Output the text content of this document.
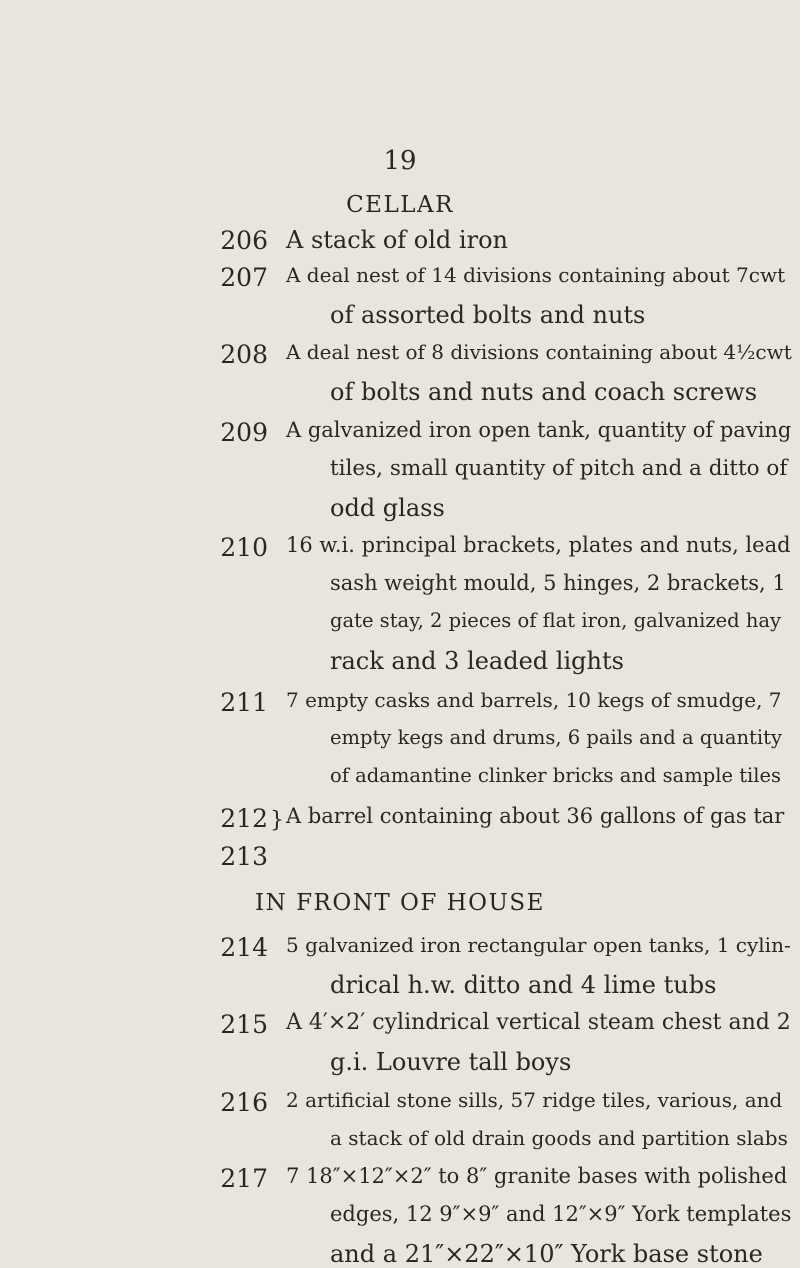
19
CELLAR
206 A stack of old iron
207 A deal nest of 14 divisions containing about 7cwt
of assorted bolts and nuts
208 A deal nest of 8 divisions containing about 4½cwt
of bolts and nuts and coach screws
209 A galvanized iron open tank, quantity of paving
tiles, small quantity of pitch and a ditto of
odd glass
210 16 w.i. principal brackets, plates and nuts, lead
sash weight mould, 5 hinges, 2 brackets, 1
gate stay, 2 pieces of flat iron, galvanized hay
rack and 3 leaded lights
211 7 empty casks and barrels, 10 kegs of smudge, 7
empty kegs and drums, 6 pails and a quantity
of adamantine clinker bricks and sample tiles
212 A barrel containing about 36 gallons of gas tar
}
213
IN FRONT OF HOUSE
214 5 galvanized iron rectangular open tanks, 1 cylin-
drical h.w. ditto and 4 lime tubs
215 A 4′×2′ cylindrical vertical steam chest and 2
g.i. Louvre tall boys
216 2 artificial stone sills, 57 ridge tiles, various, and
a stack of old drain goods and partition slabs
217 7 18″×12″×2″ to 8″ granite bases with polished
edges, 12 9″×9″ and 12″×9″ York templates
and a 21″×22″×10″ York base stone
